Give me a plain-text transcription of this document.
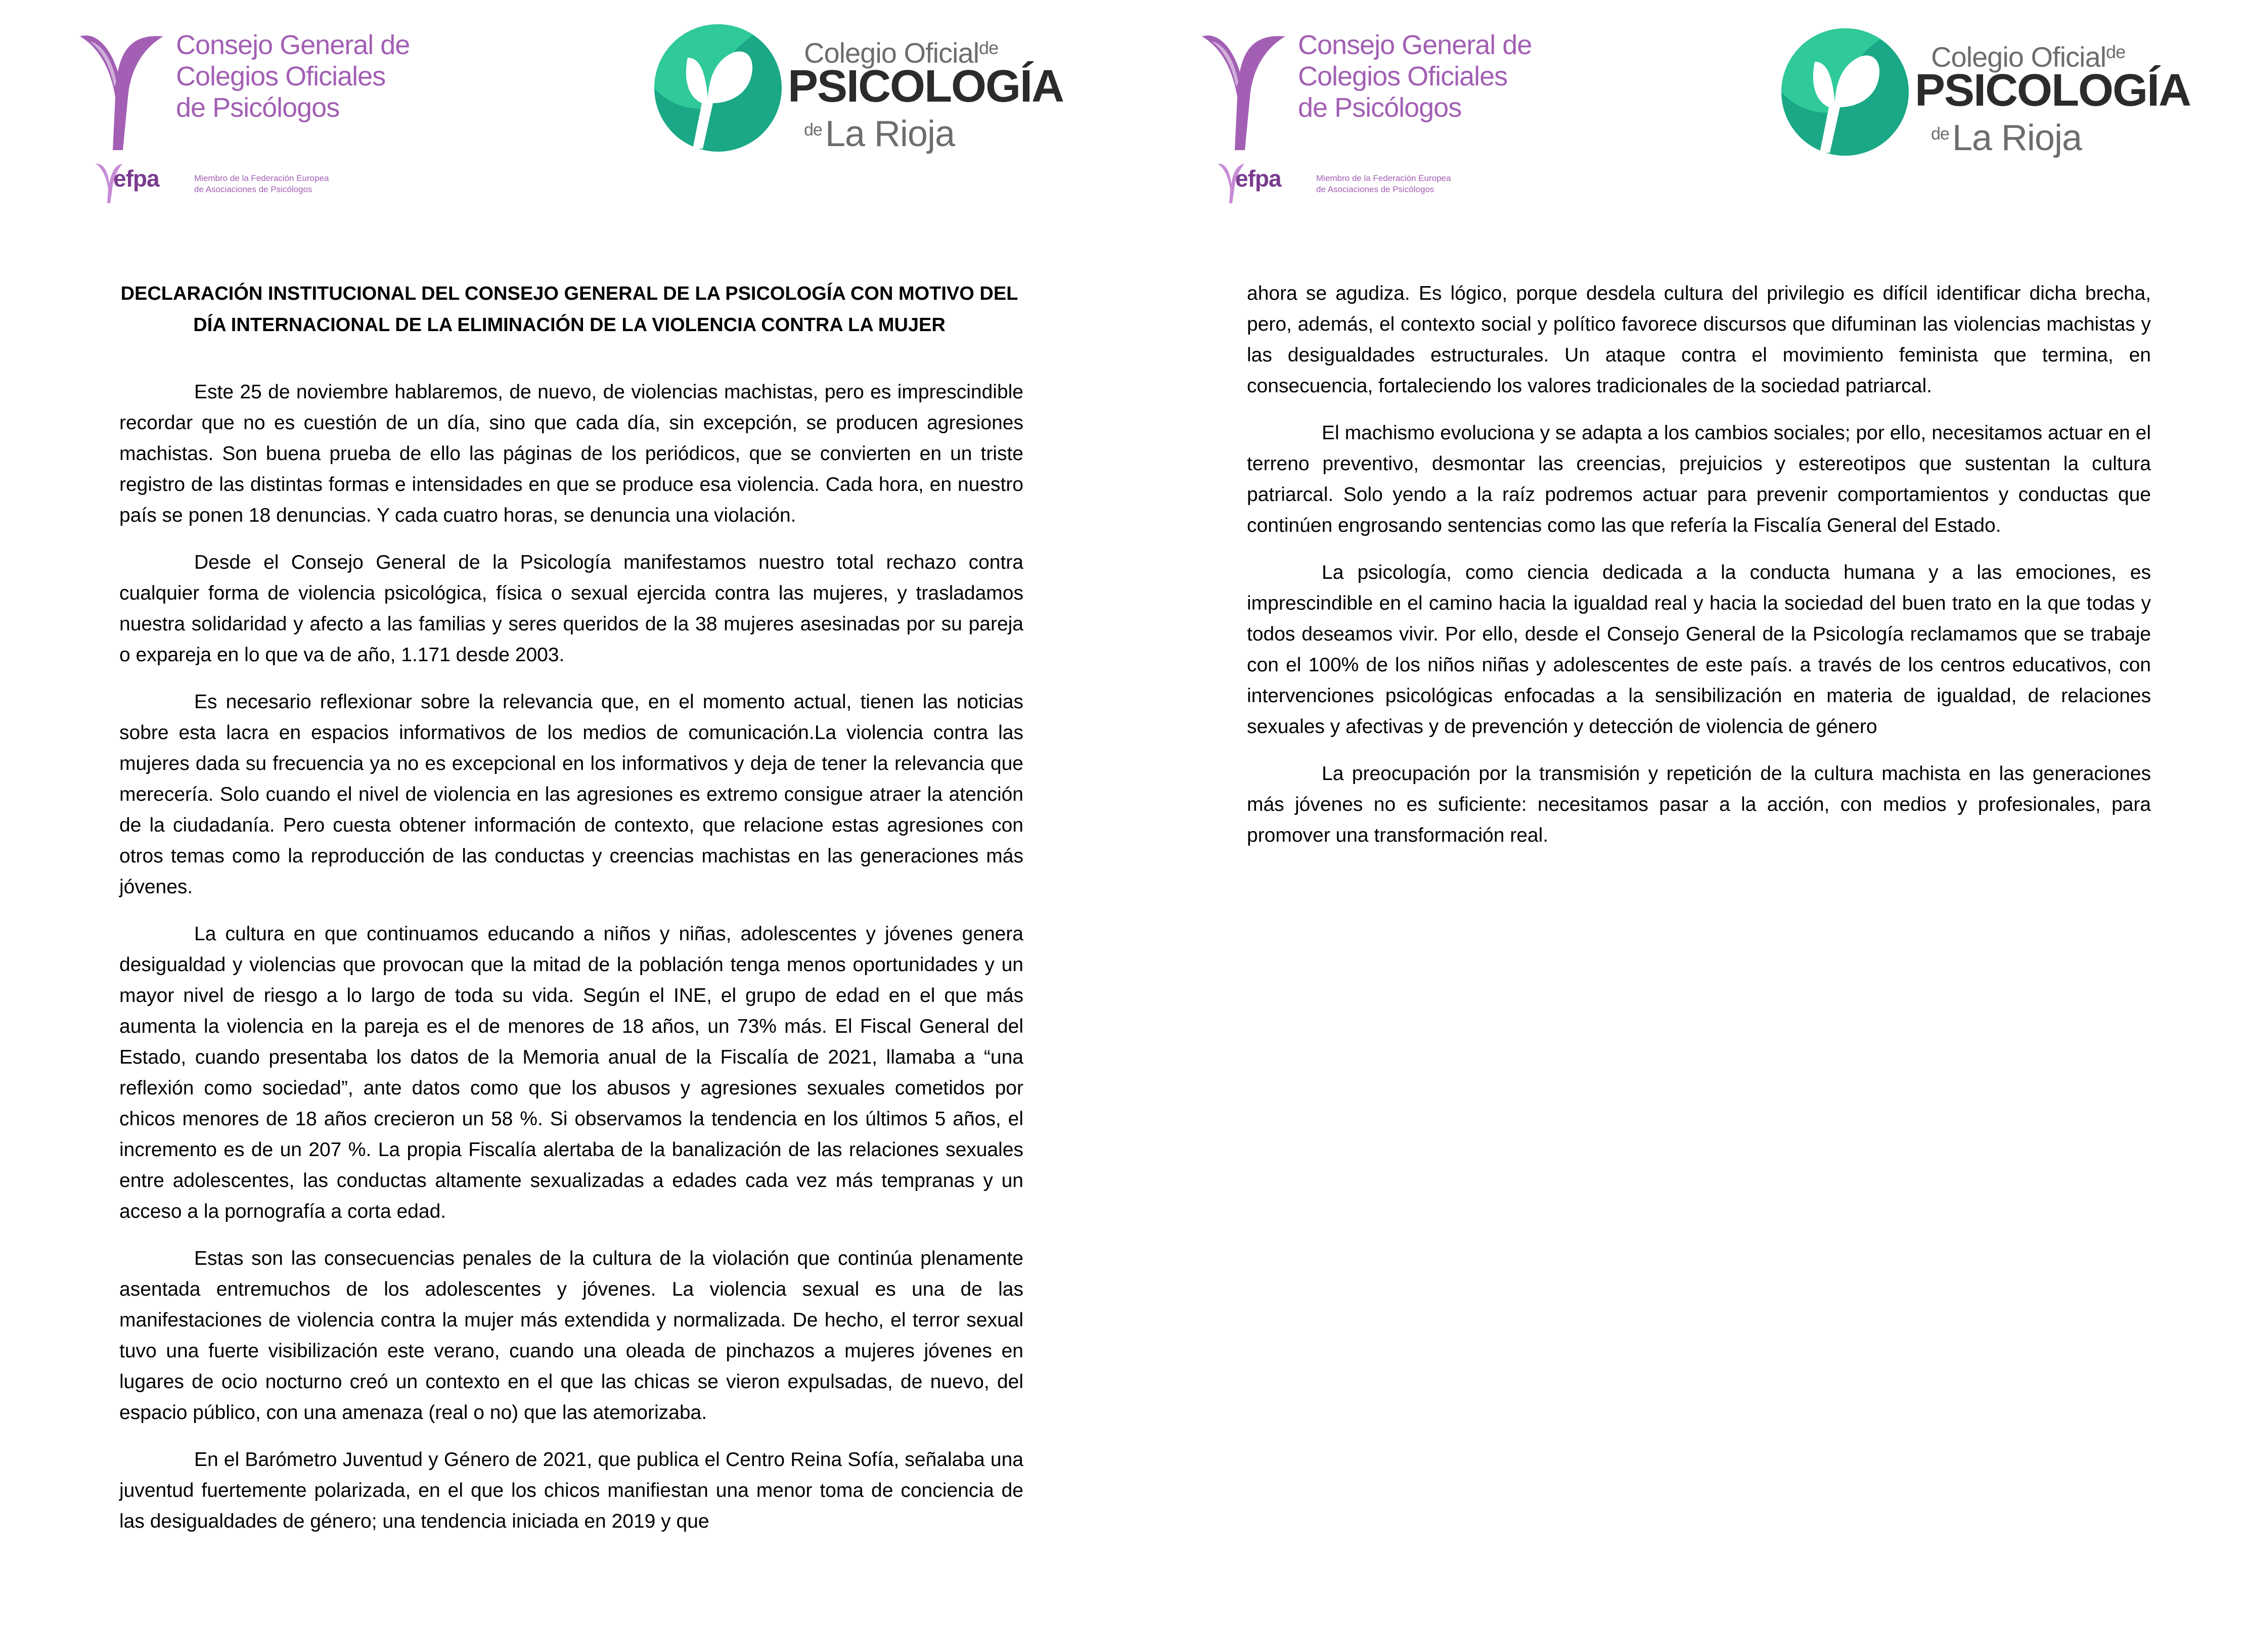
Consejo General de
Colegios Oficiales
de Psicólogos
efpa	Miembro de la Federación Europea
de Asociaciones de Psicólogos
Colegio Oficial$^{de}$
PSICOLOGÍA
$^{de}$La Rioja
DECLARACIÓN INSTITUCIONAL DEL CONSEJO GENERAL DE LA PSICOLOGÍA CON MOTIVO DEL
DÍA INTERNACIONAL DE LA ELIMINACIÓN DE LA VIOLENCIA CONTRA LA MUJER

Este 25 de noviembre hablaremos, de nuevo, de violencias machistas, pero es imprescindible recordar que no es cuestión de un día, sino que cada día, sin excepción, se producen agresiones machistas. Son buena prueba de ello las páginas de los periódicos, que se convierten en un triste registro de las distintas formas e intensidades en que se produce esa violencia. Cada hora, en nuestro país se ponen 18 denuncias. Y cada cuatro horas, se denuncia una violación.

Desde el Consejo General de la Psicología manifestamos nuestro total rechazo contra cualquier forma de violencia psicológica, física o sexual ejercida contra las mujeres, y trasladamos nuestra solidaridad y afecto a las familias y seres queridos de la 38 mujeres asesinadas por su pareja o expareja en lo que va de año, 1.171 desde 2003.

Es necesario reflexionar sobre la relevancia que, en el momento actual, tienen las noticias sobre esta lacra en espacios informativos de los medios de comunicación.La violencia contra las mujeres dada su frecuencia ya no es excepcional en los informativos y deja de tener la relevancia que merecería. Solo cuando el nivel de violencia en las agresiones es extremo consigue atraer la atención de la ciudadanía. Pero cuesta obtener información de contexto, que relacione estas agresiones con otros temas como la reproducción de las conductas y creencias machistas en las generaciones más jóvenes.

La cultura en que continuamos educando a niños y niñas, adolescentes y jóvenes genera desigualdad y violencias que provocan que la mitad de la población tenga menos oportunidades y un mayor nivel de riesgo a lo largo de toda su vida. Según el INE, el grupo de edad en el que más aumenta la violencia en la pareja es el de menores de 18 años, un 73% más. El Fiscal General del Estado, cuando presentaba los datos de la Memoria anual de la Fiscalía de 2021, llamaba a “una reflexión como sociedad”, ante datos como que los abusos y agresiones sexuales cometidos por chicos menores de 18 años crecieron un 58 %. Si observamos la tendencia en los últimos 5 años, el incremento es de un 207 %. La propia Fiscalía alertaba de la banalización de las relaciones sexuales entre adolescentes, las conductas altamente sexualizadas a edades cada vez más tempranas y un acceso a la pornografía a corta edad.

Estas son las consecuencias penales de la cultura de la violación que continúa plenamente asentada entremuchos de los adolescentes y jóvenes. La violencia sexual es una de las manifestaciones de violencia contra la mujer más extendida y normalizada. De hecho, el terror sexual tuvo una fuerte visibilización este verano, cuando una oleada de pinchazos a mujeres jóvenes en lugares de ocio nocturno creó un contexto en el que las chicas se vieron expulsadas, de nuevo, del espacio público, con una amenaza (real o no) que las atemorizaba.

En el Barómetro Juventud y Género de 2021, que publica el Centro Reina Sofía, señalaba una juventud fuertemente polarizada, en el que los chicos manifiestan una menor toma de conciencia de las desigualdades de género; una tendencia iniciada en 2019 y que

Consejo General de
Colegios Oficiales
de Psicólogos
efpa	Miembro de la Federación Europea
de Asociaciones de Psicólogos
Colegio Oficial$^{de}$
PSICOLOGÍA
$^{de}$La Rioja

ahora se agudiza. Es lógico, porque desdela cultura del privilegio es difícil identificar dicha brecha, pero, además, el contexto social y político favorece discursos que difuminan las violencias machistas y las desigualdades estructurales. Un ataque contra el movimiento feminista que termina, en consecuencia, fortaleciendo los valores tradicionales de la sociedad patriarcal.

El machismo evoluciona y se adapta a los cambios sociales; por ello, necesitamos actuar en el terreno preventivo, desmontar las creencias, prejuicios y estereotipos que sustentan la cultura patriarcal. Solo yendo a la raíz podremos actuar para prevenir comportamientos y conductas que continúen engrosando sentencias como las que refería la Fiscalía General del Estado.

La psicología, como ciencia dedicada a la conducta humana y a las emociones, es imprescindible en el camino hacia la igualdad real y hacia la sociedad del buen trato en la que todas y todos deseamos vivir. Por ello, desde el Consejo General de la Psicología reclamamos que se trabaje con el 100% de los niños niñas y adolescentes de este país. a través de los centros educativos, con intervenciones psicológicas enfocadas a la sensibilización en materia de igualdad, de relaciones sexuales y afectivas y de prevención y detección de violencia de género

La preocupación por la transmisión y repetición de la cultura machista en las generaciones más jóvenes no es suficiente: necesitamos pasar a la acción, con medios y profesionales, para promover una transformación real.
